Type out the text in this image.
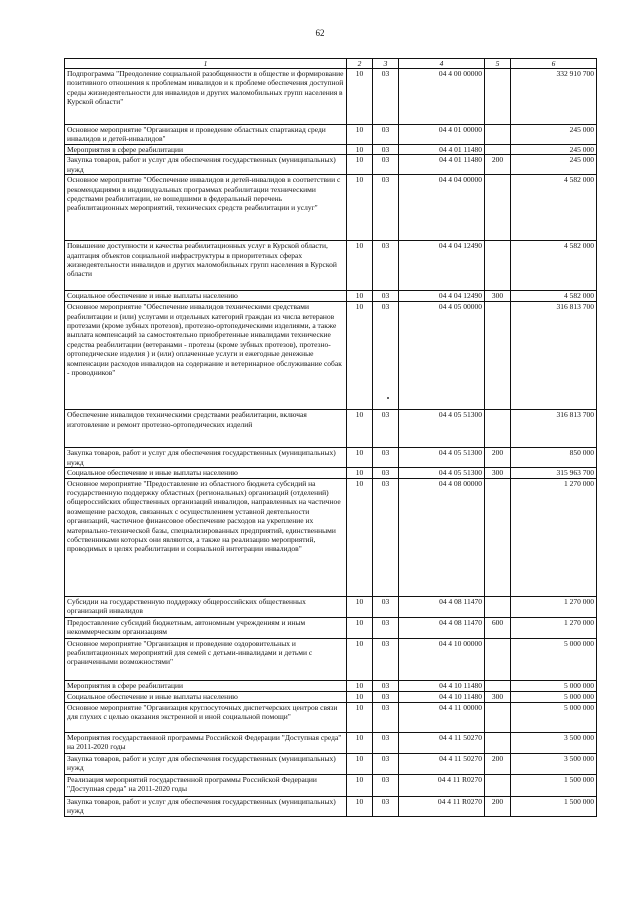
62
1	2	3	4	5	6
Подпрограмма "Преодоление социальной разобщенности в обществе и формирование позитивного отношения к проблемам инвалидов и к проблеме обеспечения доступной среды жизнедеятельности для инвалидов и других маломобильных групп населения в Курской области"	10	03	04 4 00 00000		332 910 700
Основное мероприятие "Организация и проведение областных спартакиад среди инвалидов и детей-инвалидов"	10	03	04 4 01 00000		245 000
Мероприятия в сфере реабилитации	10	03	04 4 01 11480		245 000
Закупка товаров, работ и услуг для обеспечения государственных (муниципальных) нужд	10	03	04 4 01 11480	200	245 000
Основное мероприятие "Обеспечение инвалидов и детей-инвалидов в соответствии с рекомендациями в индивидуальных программах реабилитации техническими средствами реабилитации, не вошедшими в федеральный перечень реабилитационных мероприятий, технических средств реабилитации и услуг"	10	03	04 4 04 00000		4 582 000
Повышение доступности и качества реабилитационных услуг в Курской области, адаптация объектов социальной инфраструктуры в приоритетных сферах жизнедеятельности инвалидов и других маломобильных групп населения в Курской области	10	03	04 4 04 12490		4 582 000
Социальное обеспечение и иные выплаты населению	10	03	04 4 04 12490	300	4 582 000
Основное мероприятие "Обеспечение инвалидов техническими средствами реабилитации и (или) услугами и отдельных категорий граждан из числа ветеранов протезами (кроме зубных протезов), протезно-ортопедическими изделиями, а также выплата компенсаций за самостоятельно приобретенные инвалидами технические средства реабилитации (ветеранами - протезы (кроме зубных протезов), протезно-ортопедические изделия ) и (или) оплаченные услуги и ежегодные денежные компенсации расходов инвалидов на содержание и ветеринарное обслуживание собак - проводников"	10	03	04 4 05 00000		316 813 700
Обеспечение инвалидов техническими средствами реабилитации, включая изготовление и ремонт протезно-ортопедических изделий	10	03	04 4 05 51300		316 813 700
Закупка товаров, работ и услуг для обеспечения государственных (муниципальных) нужд	10	03	04 4 05 51300	200	850 000
Социальное обеспечение и иные выплаты населению	10	03	04 4 05 51300	300	315 963 700
Основное мероприятие "Предоставление из областного бюджета субсидий на государственную поддержку областных (региональных) организаций (отделений) общероссийских общественных организаций инвалидов, направленных на частичное возмещение расходов, связанных с осуществлением уставной деятельности организаций, частичное финансовое обеспечение расходов на укрепление их материально-технической базы, специализированных предприятий, единственными собственниками которых они являются, а также на реализацию мероприятий, проводимых в целях реабилитации и социальной интеграции инвалидов"	10	03	04 4 08 00000		1 270 000
Субсидии на государственную поддержку общероссийских общественных организаций инвалидов	10	03	04 4 08 11470		1 270 000
Предоставление субсидий бюджетным, автономным учреждениям и иным некоммерческим организациям	10	03	04 4 08 11470	600	1 270 000
Основное мероприятие "Организация и проведение оздоровительных и реабилитационных мероприятий для семей с детьми-инвалидами и детьми с ограниченными возможностями"	10	03	04 4 10 00000		5 000 000
Мероприятия в сфере реабилитации	10	03	04 4 10 11480		5 000 000
Социальное обеспечение и иные выплаты населению	10	03	04 4 10 11480	300	5 000 000
Основное мероприятие "Организация круглосуточных диспетчерских центров связи для глухих с целью оказания экстренной и иной социальной помощи"	10	03	04 4 11 00000		5 000 000
Мероприятия государственной программы Российской Федерации "Доступная среда" на 2011-2020 годы	10	03	04 4 11 50270		3 500 000
Закупка товаров, работ и услуг для обеспечения государственных (муниципальных) нужд	10	03	04 4 11 50270	200	3 500 000
Реализация мероприятий государственной программы Российской Федерации "Доступная среда" на 2011-2020 годы	10	03	04 4 11 R0270		1 500 000
Закупка товаров, работ и услуг для обеспечения государственных (муниципальных) нужд	10	03	04 4 11 R0270	200	1 500 000
